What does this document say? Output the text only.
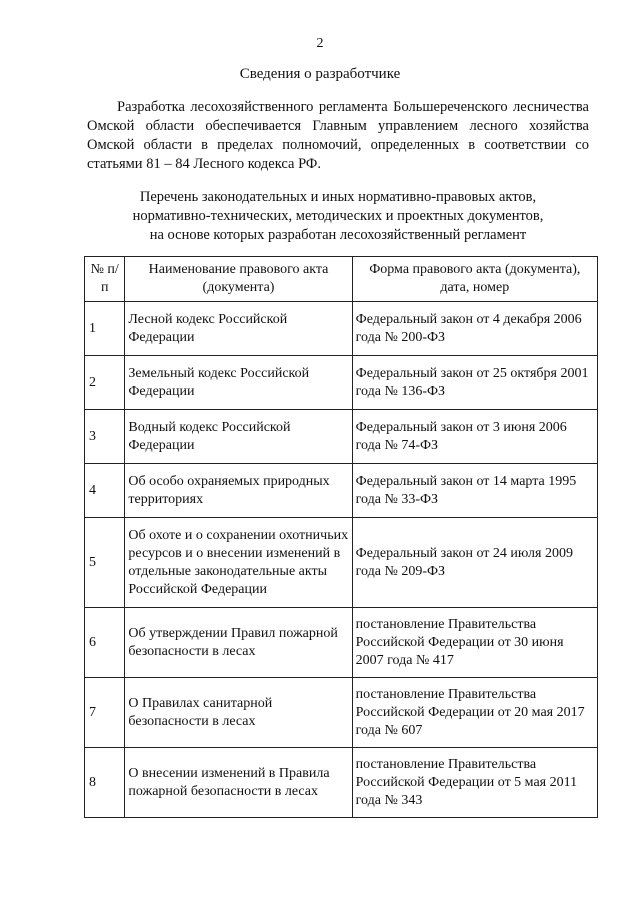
2
Сведения о разработчике

Разработка лесохозяйственного регламента Большереченского лесничества Омской области обеспечивается Главным управлением лесного хозяйства Омской области в пределах полномочий, определенных в соответствии со статьями 81 – 84 Лесного кодекса РФ.

Перечень законодательных и иных нормативно-правовых актов,
нормативно-технических, методических и проектных документов,
на основе которых разработан лесохозяйственный регламент
№ п/п	Наименование правового акта (документа)	Форма правового акта (документа), дата, номер
1	Лесной кодекс Российской Федерации	Федеральный закон от 4 декабря 2006 года № 200-ФЗ
2	Земельный кодекс Российской Федерации	Федеральный закон от 25 октября 2001 года № 136-ФЗ
3	Водный кодекс Российской Федерации	Федеральный закон от 3 июня 2006 года № 74-ФЗ
4	Об особо охраняемых природных территориях	Федеральный закон от 14 марта 1995 года № 33-ФЗ
5	Об охоте и о сохранении охотничьих ресурсов и о внесении изменений в отдельные законодательные акты Российской Федерации	Федеральный закон от 24 июля 2009 года № 209-ФЗ
6	Об утверждении Правил пожарной безопасности в лесах	постановление Правительства Российской Федерации от 30 июня 2007 года № 417
7	О Правилах санитарной безопасности в лесах	постановление Правительства Российской Федерации от 20 мая 2017 года № 607
8	О внесении изменений в Правила пожарной безопасности в лесах	постановление Правительства Российской Федерации от 5 мая 2011 года № 343
